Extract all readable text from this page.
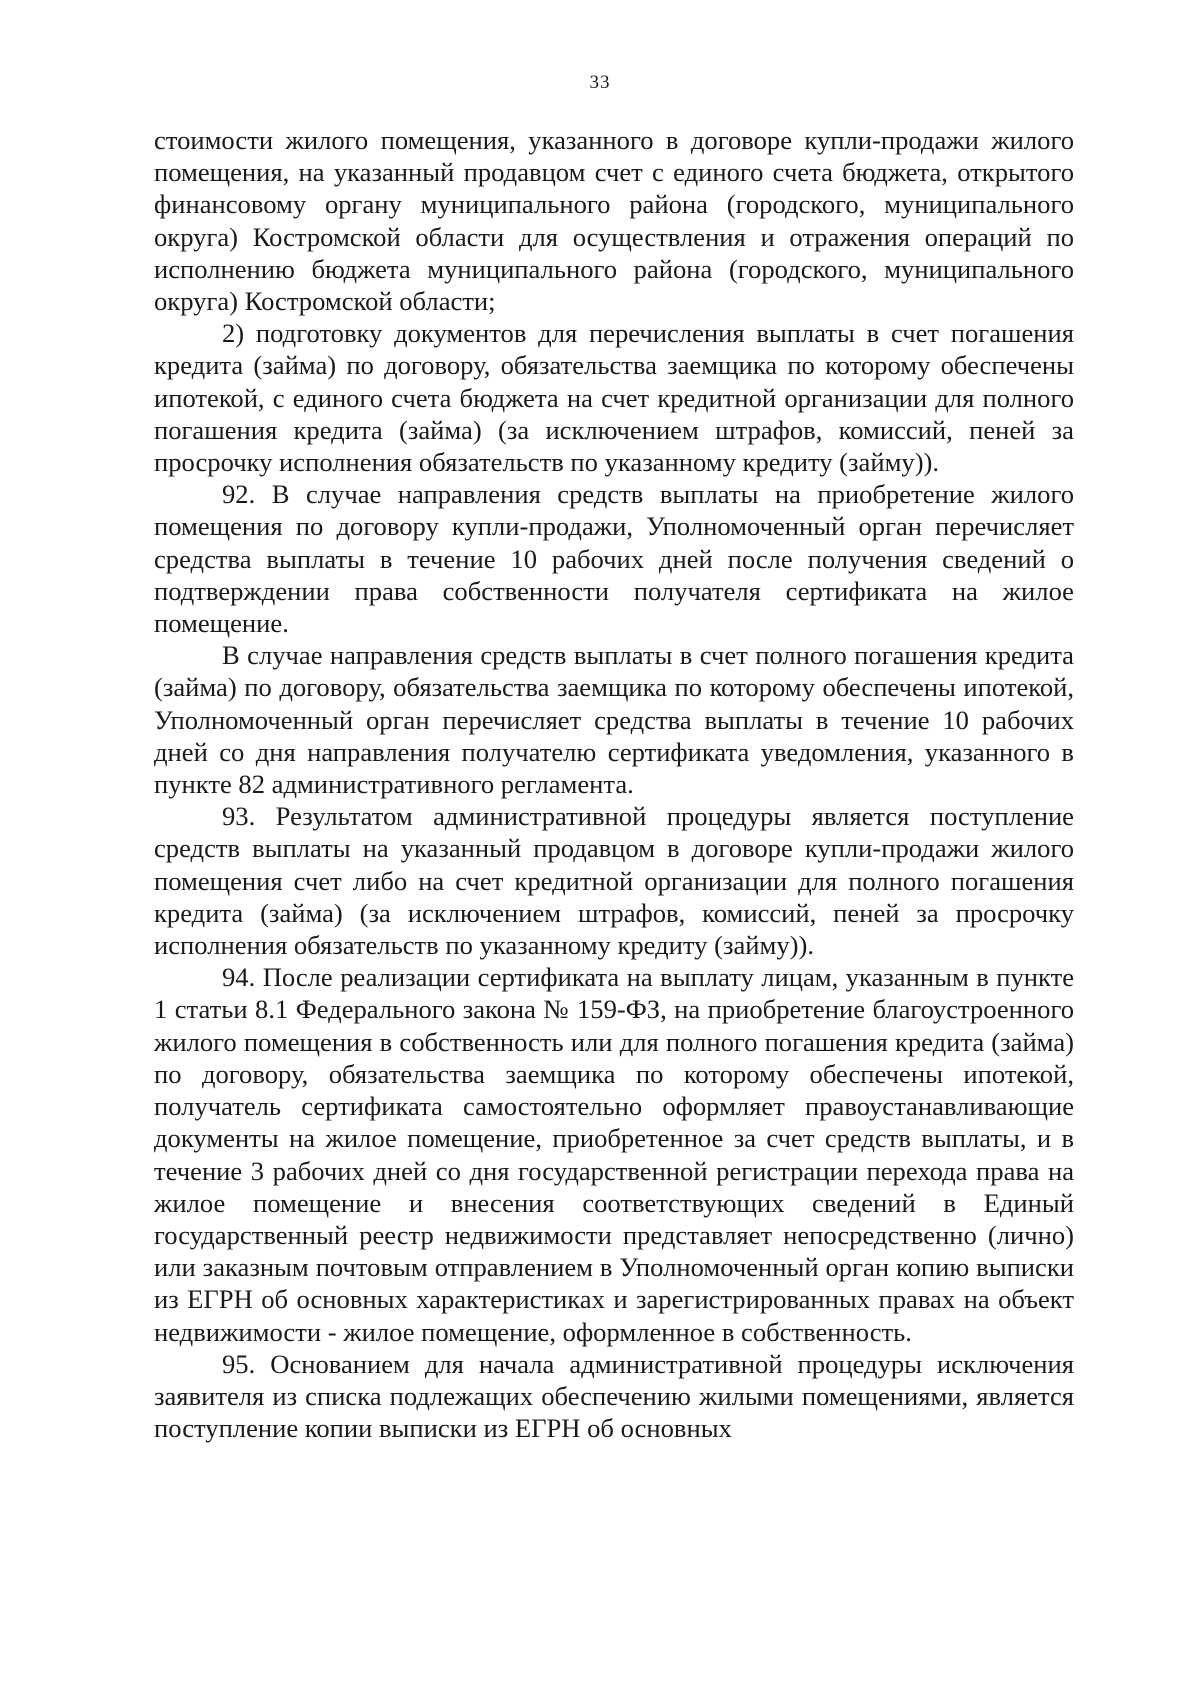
33

стоимости жилого помещения, указанного в договоре купли-продажи жилого помещения, на указанный продавцом счет с единого счета бюджета, открытого финансовому органу муниципального района (городского, муниципального округа) Костромской области для осуществления и отражения операций по исполнению бюджета муниципального района (городского, муниципального округа) Костромской области;

2) подготовку документов для перечисления выплаты в счет погашения кредита (займа) по договору, обязательства заемщика по которому обеспечены ипотекой, с единого счета бюджета на счет кредитной организации для полного погашения кредита (займа) (за исключением штрафов, комиссий, пеней за просрочку исполнения обязательств по указанному кредиту (займу)).

92. В случае направления средств выплаты на приобретение жилого помещения по договору купли-продажи, Уполномоченный орган перечисляет средства выплаты в течение 10 рабочих дней после получения сведений о подтверждении права собственности получателя сертификата на жилое помещение.

В случае направления средств выплаты в счет полного погашения кредита (займа) по договору, обязательства заемщика по которому обеспечены ипотекой, Уполномоченный орган перечисляет средства выплаты в течение 10 рабочих дней со дня направления получателю сертификата уведомления, указанного в пункте 82 административного регламента.

93. Результатом административной процедуры является поступление средств выплаты на указанный продавцом в договоре купли-продажи жилого помещения счет либо на счет кредитной организации для полного погашения кредита (займа) (за исключением штрафов, комиссий, пеней за просрочку исполнения обязательств по указанному кредиту (займу)).

94. После реализации сертификата на выплату лицам, указанным в пункте 1 статьи 8.1 Федерального закона № 159-ФЗ, на приобретение благоустроенного жилого помещения в собственность или для полного погашения кредита (займа) по договору, обязательства заемщика по которому обеспечены ипотекой, получатель сертификата самостоятельно оформляет правоустанавливающие документы на жилое помещение, приобретенное за счет средств выплаты, и в течение 3 рабочих дней со дня государственной регистрации перехода права на жилое помещение и внесения соответствующих сведений в Единый государственный реестр недвижимости представляет непосредственно (лично) или заказным почтовым отправлением в Уполномоченный орган копию выписки из ЕГРН об основных характеристиках и зарегистрированных правах на объект недвижимости - жилое помещение, оформленное в собственность.

95. Основанием для начала административной процедуры исключения заявителя из списка подлежащих обеспечению жилыми помещениями, является поступление копии выписки из ЕГРН об основных
